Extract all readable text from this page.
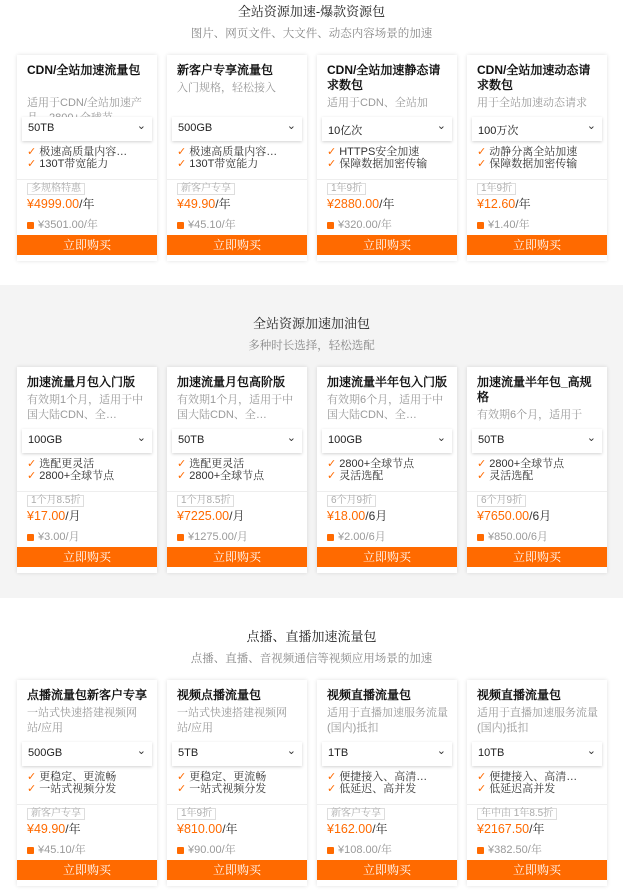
全站资源加速-爆款资源包
图片、网页文件、大文件、动态内容场景的加速
CDN/全站加速流量包
适用于CDN/全站加速产
50TB	⌄
✓ 极速高质量内容…
✓ 130T带宽能力
多规格特惠
¥4999.00/年
¥3501.00/年
立即购买
新客户专享流量包
入门规格，轻松接入
500GB	⌄
✓ 极速高质量内容…
✓ 130T带宽能力
新客户专享
¥49.90/年
¥45.10/年
立即购买
CDN/全站加速静态请求数包
适用于CDN、全站加
10亿次	⌄
✓ HTTPS安全加速
✓ 保障数据加密传输
1年9折
¥2880.00/年
¥320.00/年
立即购买
CDN/全站加速动态请求数包
用于全站加速动态请求
100万次	⌄
✓ 动静分离全站加速
✓ 保障数据加密传输
1年9折
¥12.60/年
¥1.40/年
立即购买
全站资源加速加油包
多种时长选择，轻松选配
加速流量月包入门版
有效期1个月，适用于中国大陆CDN、全…
100GB	⌄
✓ 选配更灵活
✓ 2800+全球节点
1个月8.5折
¥17.00/月
¥3.00/月
立即购买
加速流量月包高阶版
有效期1个月，适用于中国大陆CDN、全…
50TB	⌄
✓ 选配更灵活
✓ 2800+全球节点
1个月8.5折
¥7225.00/月
¥1275.00/月
立即购买
加速流量半年包入门版
有效期6个月，适用于中国大陆CDN、全…
100GB	⌄
✓ 2800+全球节点
✓ 灵活选配
6个月9折
¥18.00/6月
¥2.00/6月
立即购买
加速流量半年包_高规格
有效期6个月，适用于
50TB	⌄
✓ 2800+全球节点
✓ 灵活选配
6个月9折
¥7650.00/6月
¥850.00/6月
立即购买
点播、直播加速流量包
点播、直播、音视频通信等视频应用场景的加速
点播流量包新客户专享
一站式快速搭建视频网站/应用
500GB	⌄
✓ 更稳定、更流畅
✓ 一站式视频分发
新客户专享
¥49.90/年
¥45.10/年
立即购买
视频点播流量包
一站式快速搭建视频网站/应用
5TB	⌄
✓ 更稳定、更流畅
✓ 一站式视频分发
1年9折
¥810.00/年
¥90.00/年
立即购买
视频直播流量包
适用于直播加速服务流量(国内)抵扣
1TB	⌄
✓ 便捷接入、高清…
✓ 低延迟、高并发
新客户专享
¥162.00/年
¥108.00/年
立即购买
视频直播流量包
适用于直播加速服务流量(国内)抵扣
10TB	⌄
✓ 便捷接入、高清…
✓ 低延迟高并发
年中由 1年8.5折
¥2167.50/年
¥382.50/年
立即购买
